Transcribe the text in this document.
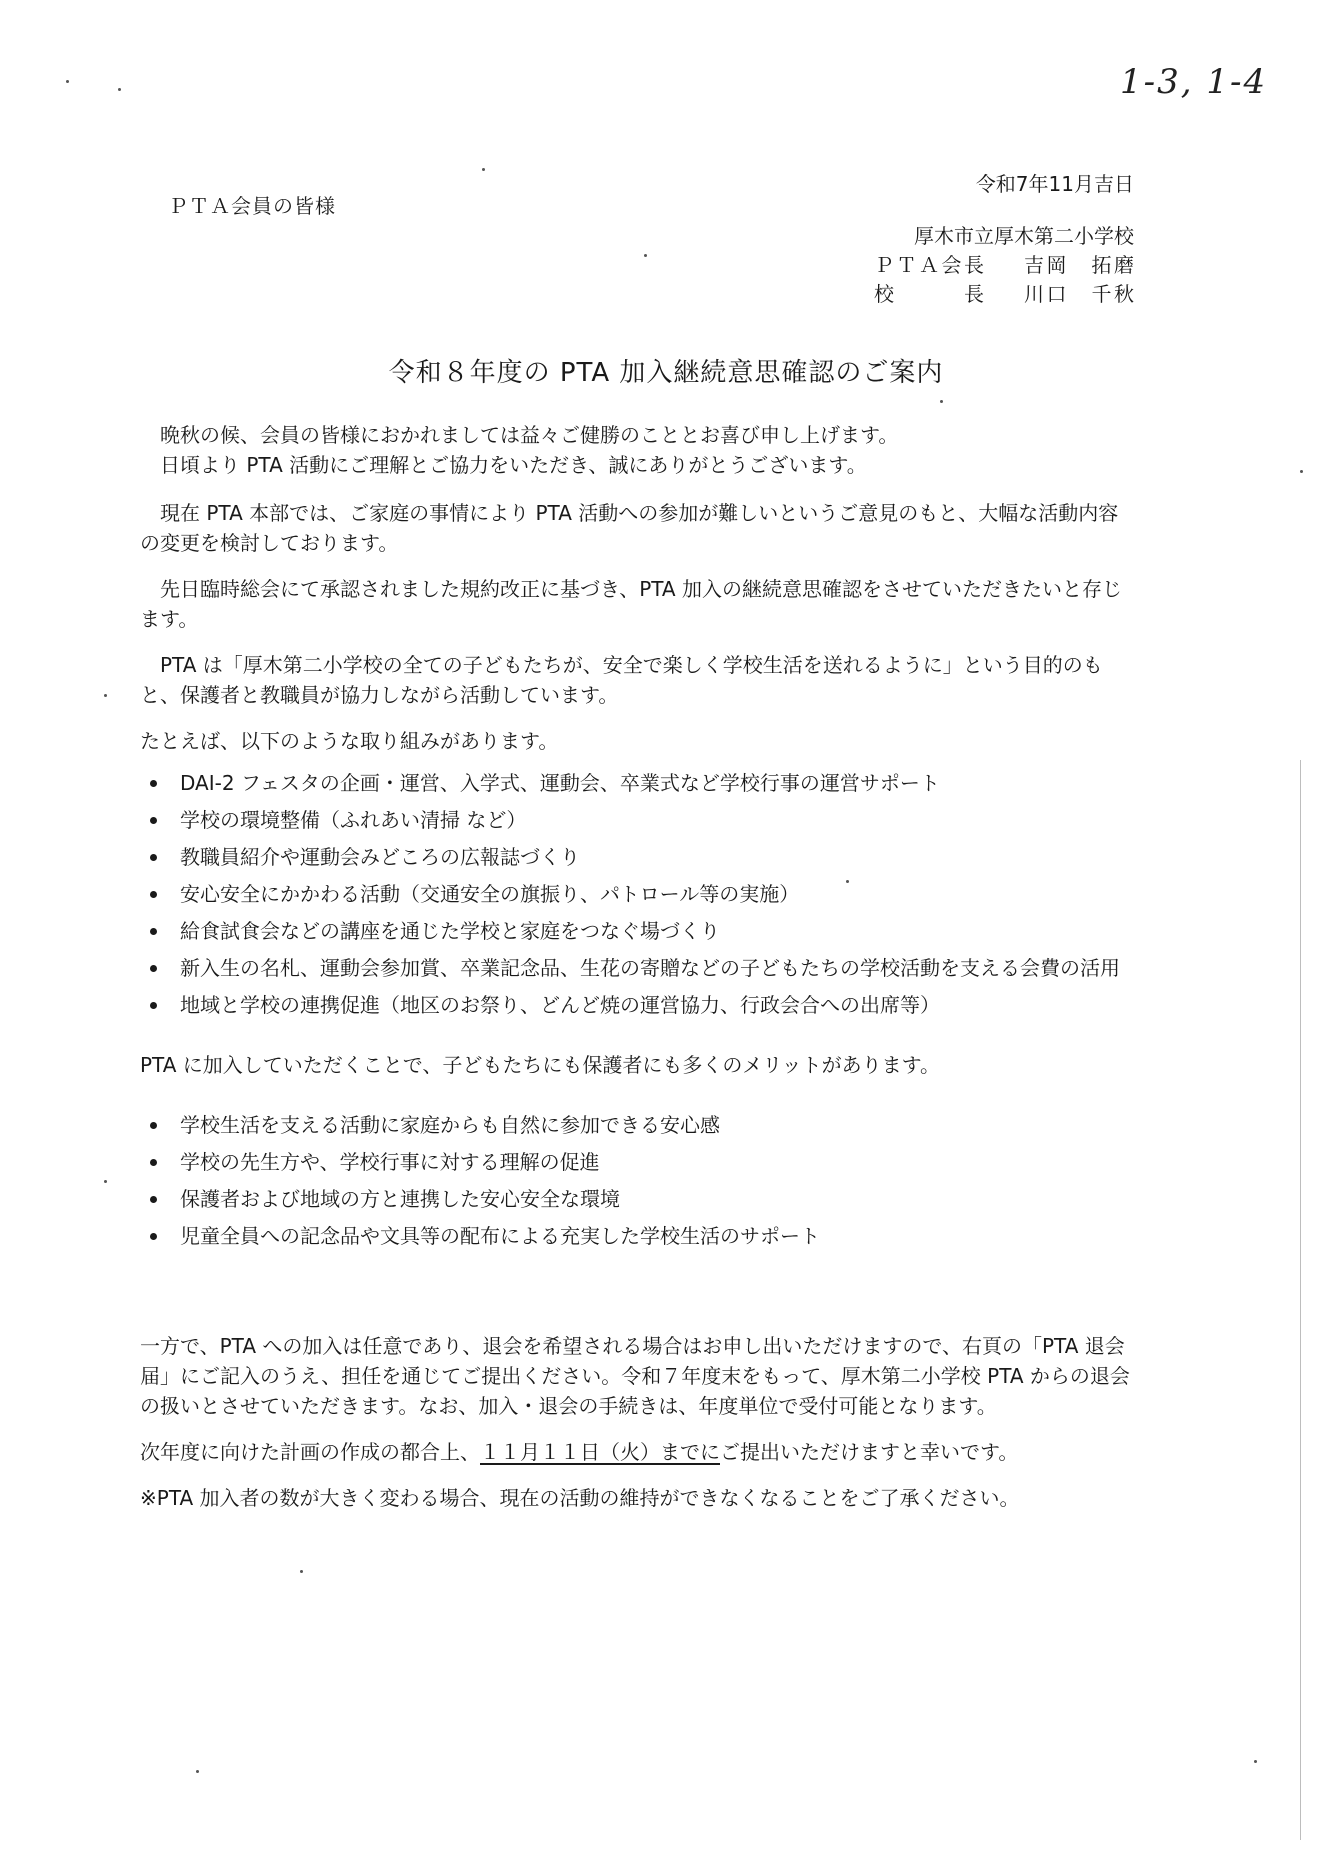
1-3, 1-4
令和7年11月吉日
ＰＴＡ会員の皆様
厚木市立厚木第二小学校
ＰＴＡ会長 吉岡　拓磨
校　　長 川口　千秋
令和８年度の PTA 加入継続意思確認のご案内

晩秋の候、会員の皆様におかれましては益々ご健勝のこととお喜び申し上げます。
日頃より PTA 活動にご理解とご協力をいただき、誠にありがとうございます。

現在 PTA 本部では、ご家庭の事情により PTA 活動への参加が難しいというご意見のもと、大幅な活動内容の変更を検討しております。

先日臨時総会にて承認されました規約改正に基づき、PTA 加入の継続意思確認をさせていただきたいと存じます。

PTA は「厚木第二小学校の全ての子どもたちが、安全で楽しく学校生活を送れるように」という目的のもと、保護者と教職員が協力しながら活動しています。

たとえば、以下のような取り組みがあります。

DAI-2 フェスタの企画・運営、入学式、運動会、卒業式など学校行事の運営サポート
学校の環境整備（ふれあい清掃 など）
教職員紹介や運動会みどころの広報誌づくり
安心安全にかかわる活動（交通安全の旗振り、パトロール等の実施）
給食試食会などの講座を通じた学校と家庭をつなぐ場づくり
新入生の名札、運動会参加賞、卒業記念品、生花の寄贈などの子どもたちの学校活動を支える会費の活用
地域と学校の連携促進（地区のお祭り、どんど焼の運営協力、行政会合への出席等）

PTA に加入していただくことで、子どもたちにも保護者にも多くのメリットがあります。

学校生活を支える活動に家庭からも自然に参加できる安心感
学校の先生方や、学校行事に対する理解の促進
保護者および地域の方と連携した安心安全な環境
児童全員への記念品や文具等の配布による充実した学校生活のサポート

一方で、PTA への加入は任意であり、退会を希望される場合はお申し出いただけますので、右頁の「PTA 退会届」にご記入のうえ、担任を通じてご提出ください。令和７年度末をもって、厚木第二小学校 PTA からの退会の扱いとさせていただきます。なお、加入・退会の手続きは、年度単位で受付可能となります。

次年度に向けた計画の作成の都合上、１１月１１日（火）までにご提出いただけますと幸いです。

※PTA 加入者の数が大きく変わる場合、現在の活動の維持ができなくなることをご了承ください。
